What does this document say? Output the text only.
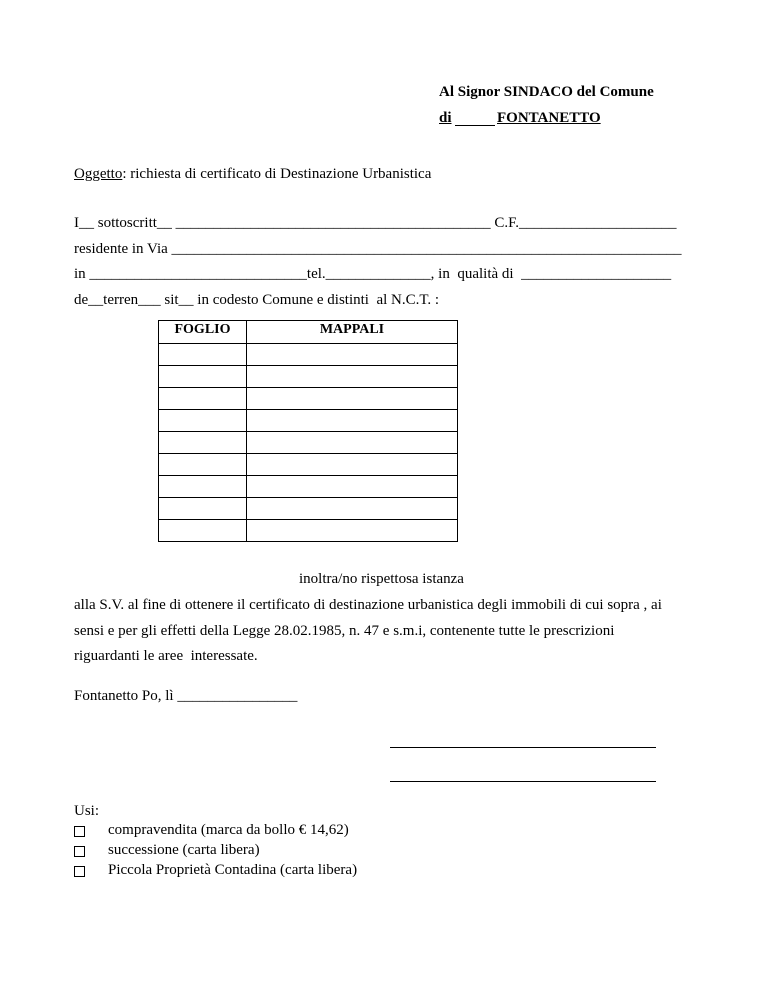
Al Signor SINDACO del Comune
di	FONTANETTO
Oggetto: richiesta di certificato di Destinazione Urbanistica
I__ sottoscritt__ __________________________________________ C.F._____________________
residente in Via ____________________________________________________________________
in _____________________________tel.______________, in  qualità di  ____________________
de__terren___ sit__ in codesto Comune e distinti  al N.C.T. :
FOGLIO	MAPPALI

inoltra/no rispettosa istanza
alla S.V. al fine di ottenere il certificato di destinazione urbanistica degli immobili di cui sopra , ai
sensi e per gli effetti della Legge 28.02.1985, n. 47 e s.m.i, contenente tutte le prescrizioni
riguardanti le aree  interessate.
Fontanetto Po, lì ________________
Usi:
compravendita (marca da bollo € 14,62)
successione (carta libera)
Piccola Proprietà Contadina (carta libera)
